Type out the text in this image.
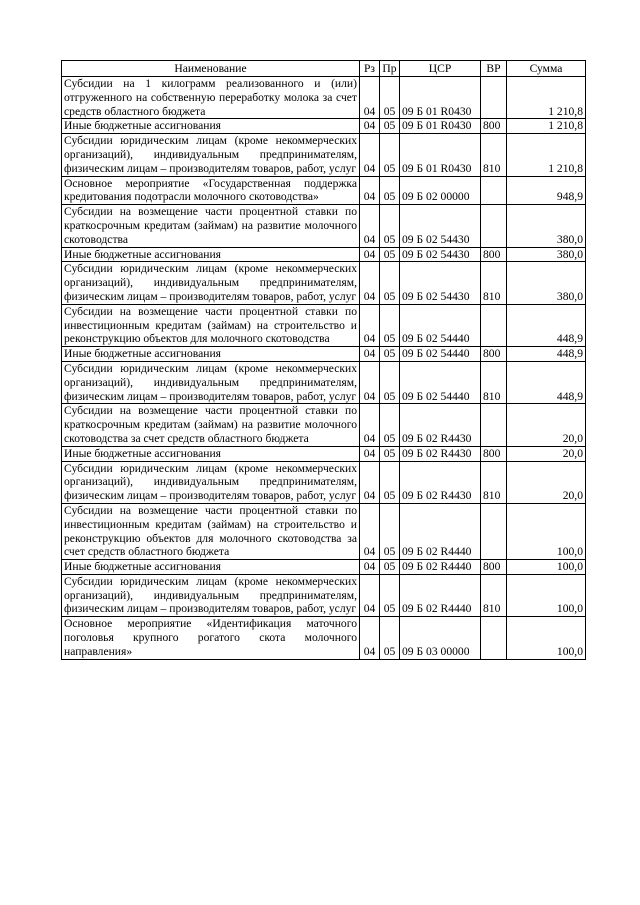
Наименование	Рз	Пр	ЦСР	ВР	Сумма
Субсидии на 1 килограмм реализованного и (или) отгруженного на собственную переработку молока за счет средств областного бюджета	04	05	09 Б 01 R0430		1 210,8
Иные бюджетные ассигнования	04	05	09 Б 01 R0430	800	1 210,8
Субсидии юридическим лицам (кроме некоммерческих организаций), индивидуальным предпринимателям, физическим лицам – производителям товаров, работ, услуг	04	05	09 Б 01 R0430	810	1 210,8
Основное мероприятие «Государственная поддержка кредитования подотрасли молочного скотоводства»	04	05	09 Б 02 00000		948,9
Субсидии на возмещение части процентной ставки по краткосрочным кредитам (займам) на развитие молочного скотоводства	04	05	09 Б 02 54430		380,0
Иные бюджетные ассигнования	04	05	09 Б 02 54430	800	380,0
Субсидии юридическим лицам (кроме некоммерческих организаций), индивидуальным предпринимателям, физическим лицам – производителям товаров, работ, услуг	04	05	09 Б 02 54430	810	380,0
Субсидии на возмещение части процентной ставки по инвестиционным кредитам (займам) на строительство и реконструкцию объектов для молочного скотоводства	04	05	09 Б 02 54440		448,9
Иные бюджетные ассигнования	04	05	09 Б 02 54440	800	448,9
Субсидии юридическим лицам (кроме некоммерческих организаций), индивидуальным предпринимателям, физическим лицам – производителям товаров, работ, услуг	04	05	09 Б 02 54440	810	448,9
Субсидии на возмещение части процентной ставки по краткосрочным кредитам (займам) на развитие молочного скотоводства за счет средств областного бюджета	04	05	09 Б 02 R4430		20,0
Иные бюджетные ассигнования	04	05	09 Б 02 R4430	800	20,0
Субсидии юридическим лицам (кроме некоммерческих организаций), индивидуальным предпринимателям, физическим лицам – производителям товаров, работ, услуг	04	05	09 Б 02 R4430	810	20,0
Субсидии на возмещение части процентной ставки по инвестиционным кредитам (займам) на строительство и реконструкцию объектов для молочного скотоводства за счет средств областного бюджета	04	05	09 Б 02 R4440		100,0
Иные бюджетные ассигнования	04	05	09 Б 02 R4440	800	100,0
Субсидии юридическим лицам (кроме некоммерческих организаций), индивидуальным предпринимателям, физическим лицам – производителям товаров, работ, услуг	04	05	09 Б 02 R4440	810	100,0
Основное мероприятие «Идентификация маточного поголовья крупного рогатого скота молочного направления»	04	05	09 Б 03 00000		100,0
